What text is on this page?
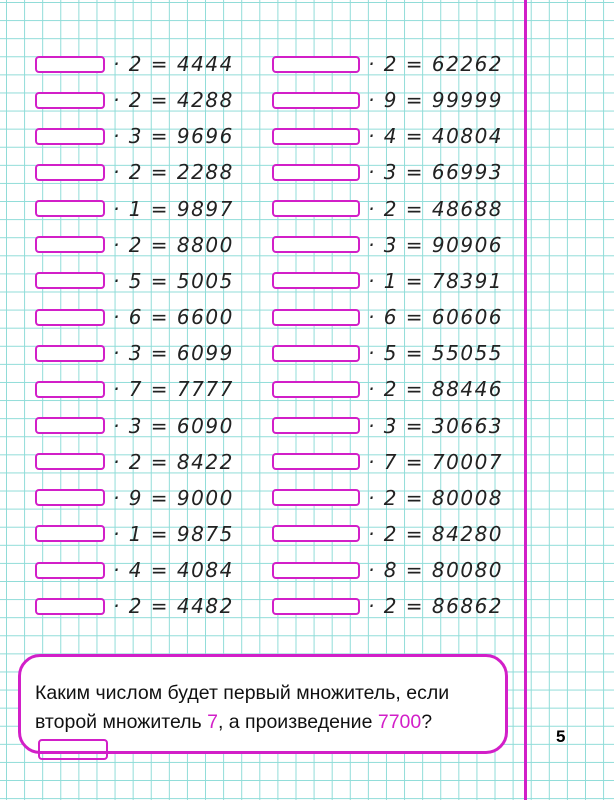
· 2 = 4444
· 2 = 4288
· 3 = 9696
· 2 = 2288
· 1 = 9897
· 2 = 8800
· 5 = 5005
· 6 = 6600
· 3 = 6099
· 7 = 7777
· 3 = 6090
· 2 = 8422
· 9 = 9000
· 1 = 9875
· 4 = 4084
· 2 = 4482
· 2 = 62262
· 9 = 99999
· 4 = 40804
· 3 = 66993
· 2 = 48688
· 3 = 90906
· 1 = 78391
· 6 = 60606
· 5 = 55055
· 2 = 88446
· 3 = 30663
· 7 = 70007
· 2 = 80008
· 2 = 84280
· 8 = 80080
· 2 = 86862
Каким числом будет первый множитель, если
второй множитель 7, а произведение 7700?
5
